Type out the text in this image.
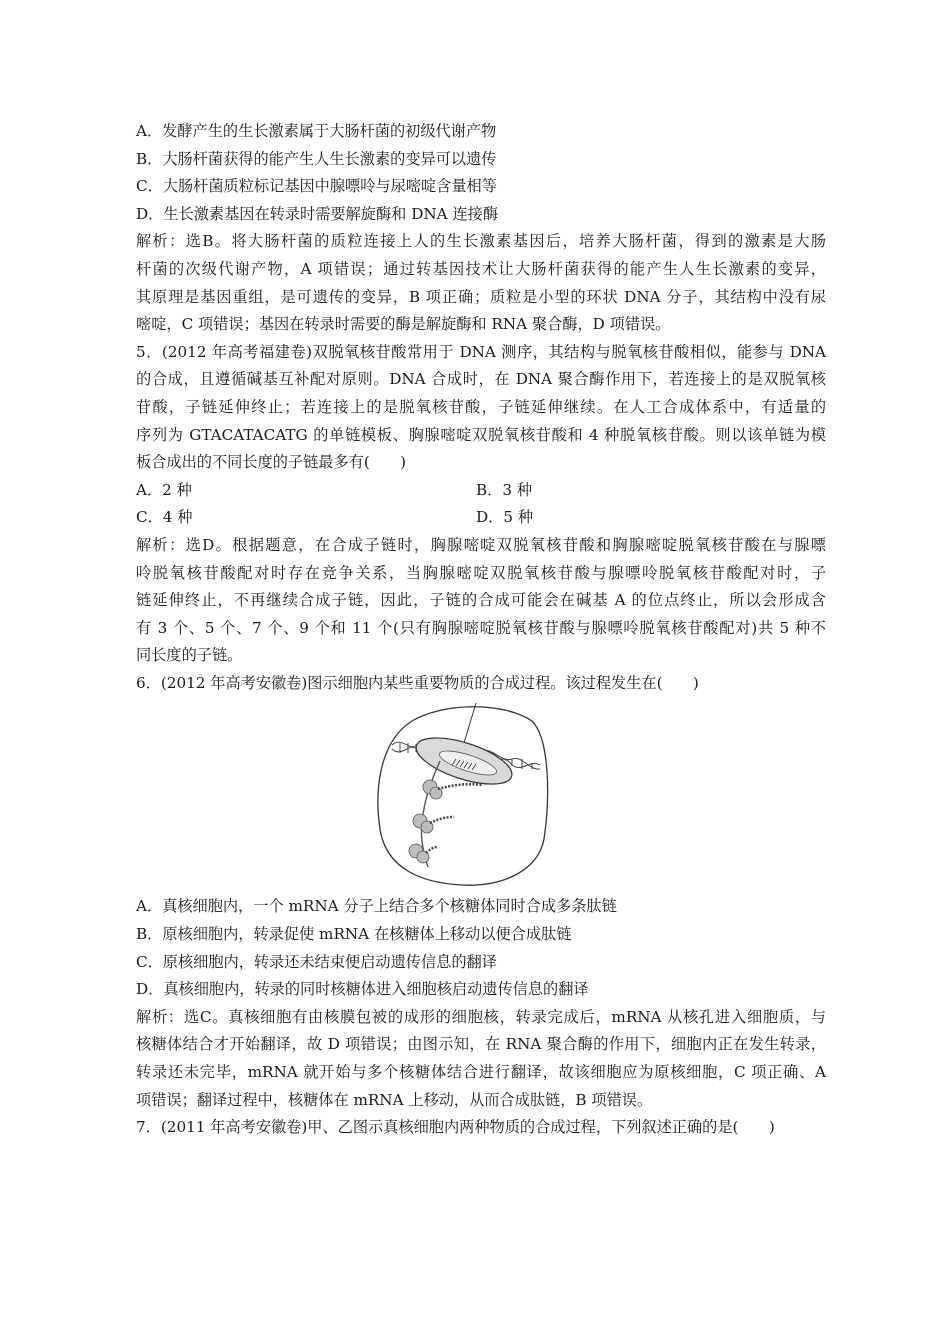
A．发酵产生的生长激素属于大肠杆菌的初级代谢产物
B．大肠杆菌获得的能产生人生长激素的变异可以遗传
C．大肠杆菌质粒标记基因中腺嘌呤与尿嘧啶含量相等
D．生长激素基因在转录时需要解旋酶和 DNA 连接酶
解析：选B。将大肠杆菌的质粒连接上人的生长激素基因后，培养大肠杆菌，得到的激素是大肠
杆菌的次级代谢产物，A 项错误；通过转基因技术让大肠杆菌获得的能产生人生长激素的变异，
其原理是基因重组，是可遗传的变异，B 项正确；质粒是小型的环状 DNA 分子，其结构中没有尿
嘧啶，C 项错误；基因在转录时需要的酶是解旋酶和 RNA 聚合酶，D 项错误。
5．(2012 年高考福建卷)双脱氧核苷酸常用于 DNA 测序，其结构与脱氧核苷酸相似，能参与 DNA
的合成，且遵循碱基互补配对原则。DNA 合成时，在 DNA 聚合酶作用下，若连接上的是双脱氧核
苷酸，子链延伸终止；若连接上的是脱氧核苷酸，子链延伸继续。在人工合成体系中，有适量的
序列为 GTACATACATG 的单链模板、胸腺嘧啶双脱氧核苷酸和 4 种脱氧核苷酸。则以该单链为模
板合成出的不同长度的子链最多有(　　)
A．2 种	B．3 种
C．4 种	D．5 种
解析：选D。根据题意，在合成子链时，胸腺嘧啶双脱氧核苷酸和胸腺嘧啶脱氧核苷酸在与腺嘌
呤脱氧核苷酸配对时存在竞争关系，当胸腺嘧啶双脱氧核苷酸与腺嘌呤脱氧核苷酸配对时，子
链延伸终止，不再继续合成子链，因此，子链的合成可能会在碱基 A 的位点终止，所以会形成含
有 3 个、5 个、7 个、9 个和 11 个(只有胸腺嘧啶脱氧核苷酸与腺嘌呤脱氧核苷酸配对)共 5 种不
同长度的子链。
6．(2012 年高考安徽卷)图示细胞内某些重要物质的合成过程。该过程发生在(　　)
A．真核细胞内，一个 mRNA 分子上结合多个核糖体同时合成多条肽链
B．原核细胞内，转录促使 mRNA 在核糖体上移动以便合成肽链
C．原核细胞内，转录还未结束便启动遗传信息的翻译
D．真核细胞内，转录的同时核糖体进入细胞核启动遗传信息的翻译
解析：选C。真核细胞有由核膜包被的成形的细胞核，转录完成后，mRNA 从核孔进入细胞质，与
核糖体结合才开始翻译，故 D 项错误；由图示知，在 RNA 聚合酶的作用下，细胞内正在发生转录，
转录还未完毕，mRNA 就开始与多个核糖体结合进行翻译，故该细胞应为原核细胞，C 项正确、A
项错误；翻译过程中，核糖体在 mRNA 上移动，从而合成肽链，B 项错误。
7．(2011 年高考安徽卷)甲、乙图示真核细胞内两种物质的合成过程，下列叙述正确的是(　　)
